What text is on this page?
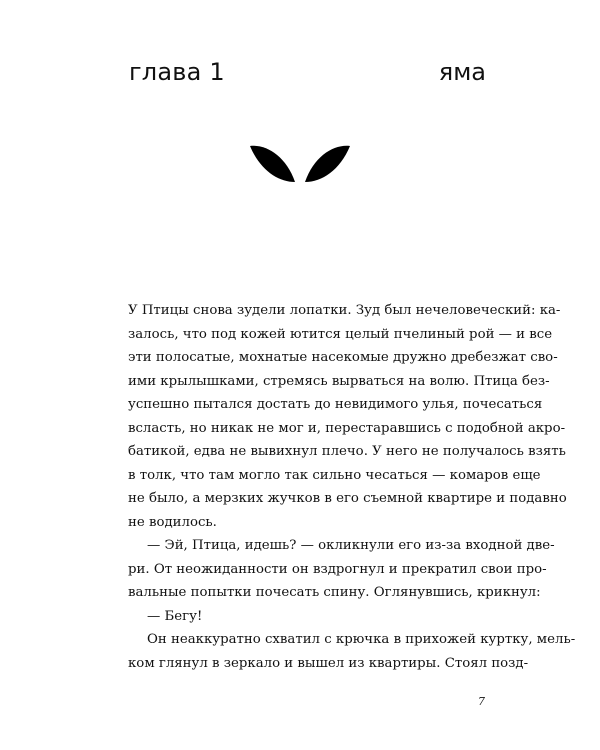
глава 1	яма
У Птицы снова зудели лопатки. Зуд был нечеловеческий: ка-
залось, что под кожей ютится целый пчелиный рой — и все
эти полосатые, мохнатые насекомые дружно дребезжат сво-
ими крылышками, стремясь вырваться на волю. Птица без-
успешно пытался достать до невидимого улья, почесаться
всласть, но никак не мог и, перестаравшись с подобной акро-
батикой, едва не вывихнул плечо. У него не получалось взять
в толк, что там могло так сильно чесаться — комаров еще
не было, а мерзких жучков в его съемной квартире и подавно
не водилось.
— Эй, Птица, идешь? — окликнули его из-за входной две-
ри. От неожиданности он вздрогнул и прекратил свои про-
вальные попытки почесать спину. Оглянувшись, крикнул:
— Бегу!
Он неаккуратно схватил с крючка в прихожей куртку, мель-
ком глянул в зеркало и вышел из квартиры. Стоял позд-
7
